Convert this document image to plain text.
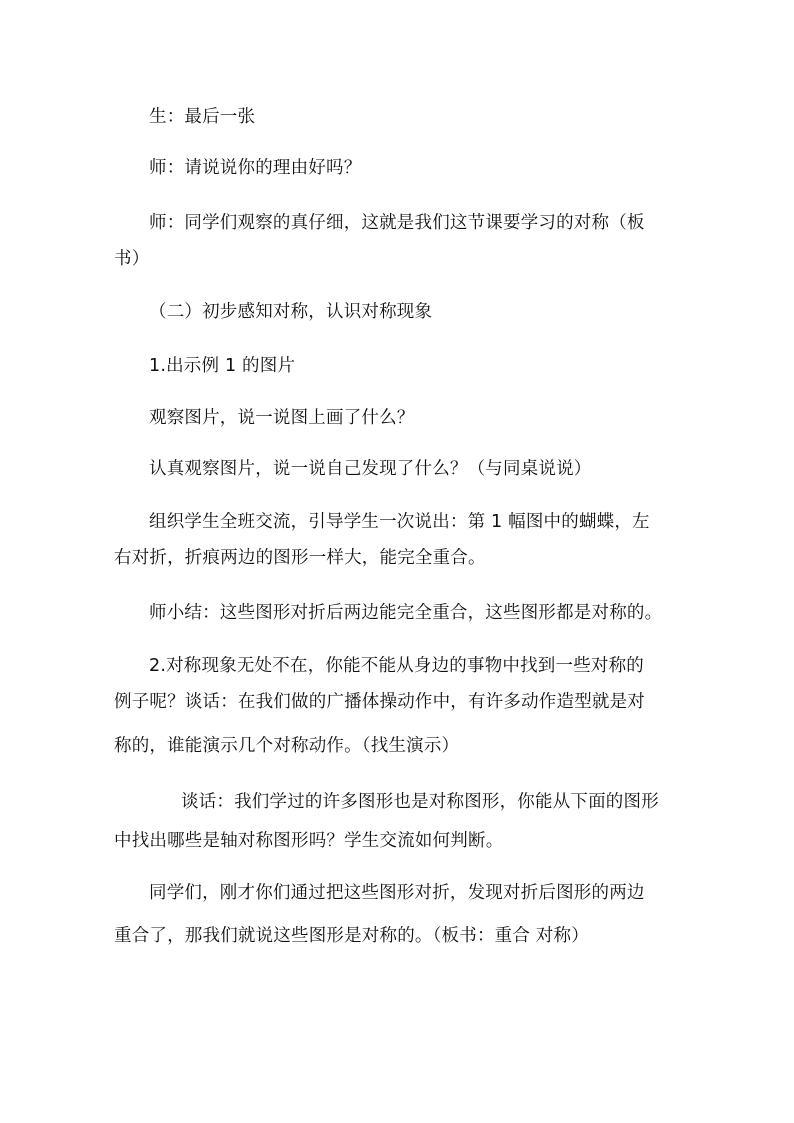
生：最后一张
师：请说说你的理由好吗？
师：同学们观察的真仔细，这就是我们这节课要学习的对称（板
书）
（二）初步感知对称，认识对称现象
1.出示例 1 的图片
观察图片，说一说图上画了什么？
认真观察图片，说一说自己发现了什么？（与同桌说说）
组织学生全班交流，引导学生一次说出：第 1 幅图中的蝴蝶，左
右对折，折痕两边的图形一样大，能完全重合。
师小结：这些图形对折后两边能完全重合，这些图形都是对称的。
2.对称现象无处不在，你能不能从身边的事物中找到一些对称的
例子呢？谈话：在我们做的广播体操动作中，有许多动作造型就是对
称的，谁能演示几个对称动作。（找生演示）
谈话：我们学过的许多图形也是对称图形，你能从下面的图形
中找出哪些是轴对称图形吗？学生交流如何判断。
同学们，刚才你们通过把这些图形对折，发现对折后图形的两边
重合了，那我们就说这些图形是对称的。（板书：重合 对称）
